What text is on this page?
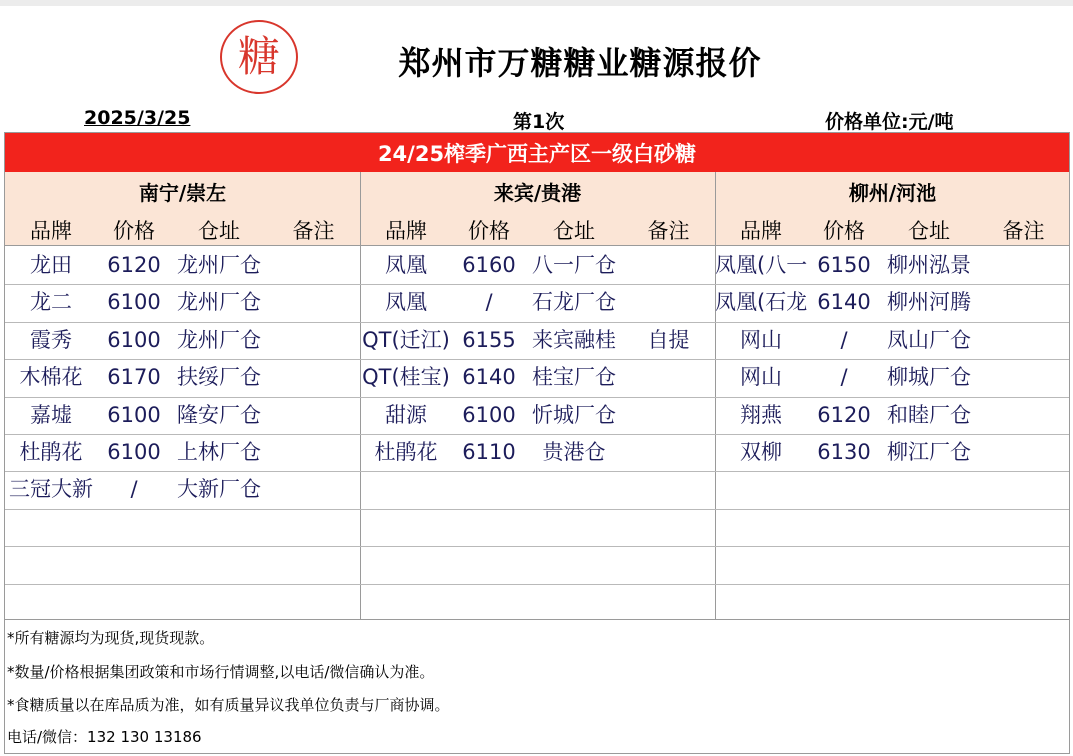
糖	郑州市万糖糖业糖源报价
2025/3/25	第1次	价格单位:元/吨
24/25榨季广西主产区一级白砂糖
南宁/崇左
品牌	价格	仓址	备注
龙田	6120 龙州厂仓
龙二	6100 龙州厂仓
霞秀	6100 龙州厂仓
木棉花	6170 扶绥厂仓
嘉墟	6100 隆安厂仓
杜鹃花	6100 上林厂仓
三冠大新	/	大新厂仓
来宾/贵港
品牌	价格	仓址	备注
凤凰	6160 八一厂仓
凤凰	/	石龙厂仓
QT(迁江) 6155 来宾融桂	自提
QT(桂宝) 6140 桂宝厂仓
甜源	6100 忻城厂仓
杜鹃花	6110	贵港仓
柳州/河池
品牌	价格	仓址	备注
凤凰(八一 6150 柳州泓景
凤凰(石龙 6140 柳州河腾
网山	/	凤山厂仓
网山	/	柳城厂仓
翔燕	6120 和睦厂仓
双柳	6130 柳江厂仓
*所有糖源均为现货,现货现款。
*数量/价格根据集团政策和市场行情调整,以电话/微信确认为准。
*食糖质量以在库品质为准，如有质量异议我单位负责与厂商协调。
电话/微信：132 130 13186
